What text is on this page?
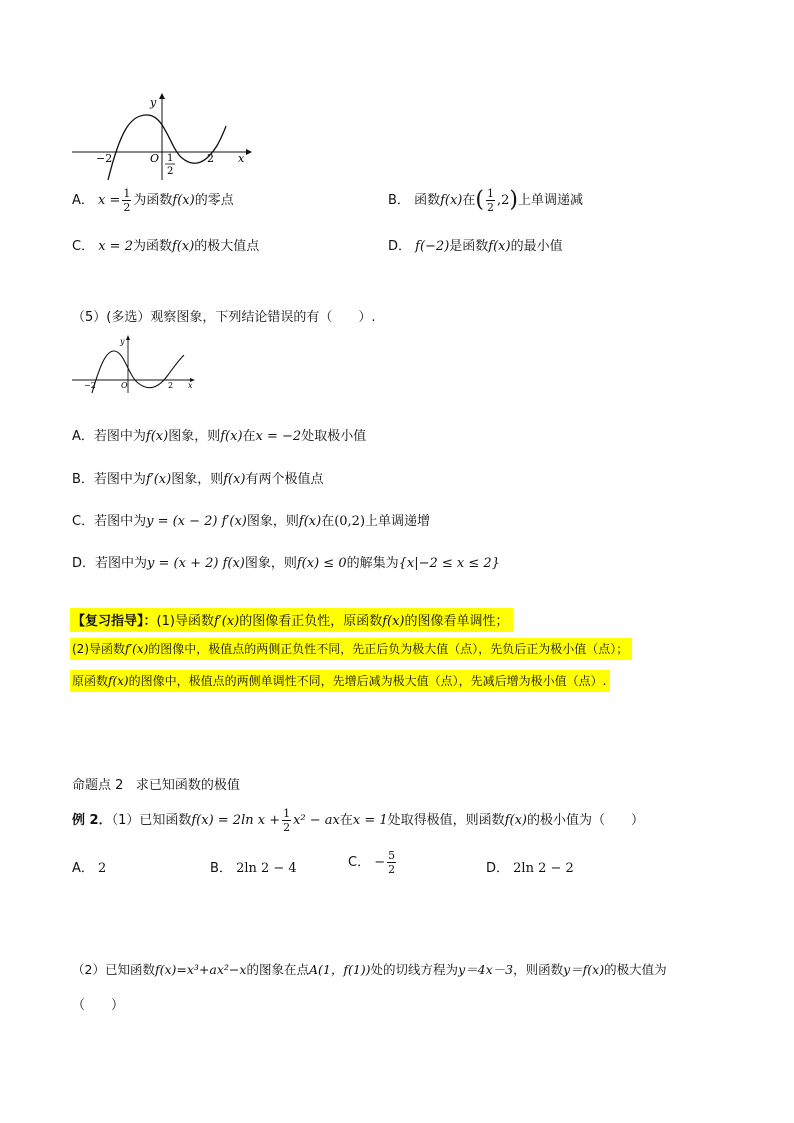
y
x
−2	O 1
2
2
A． $x = \frac{1}{2}$ 为函数f(x)的零点	B． 函数f(x)在( $\frac{1}{2} ,2$)上单调递减
C． x = 2为函数f(x)的极大值点	D． f(−2)是函数f(x)的最小值
（5）(多选）观察图象，下列结论错误的有（　　）.
y
x
−2	O	2
A．若图中为f(x)图象，则f(x)在x = −2处取极小值
B．若图中为f′(x)图象，则f(x)有两个极值点
C．若图中为y = (x − 2) f′(x)图象，则f(x)在(0,2)上单调递增
D．若图中为y = (x + 2) f(x)图象，则f(x) ≤ 0的解集为{x|−2 ≤ x ≤ 2}
【复习指导】：(1)导函数f′(x)的图像看正负性，原函数f(x)的图像看单调性；
(2)导函数f′(x)的图像中，极值点的两侧正负性不同，先正后负为极大值（点），先负后正为极小值（点）；
原函数f(x)的图像中，极值点的两侧单调性不同，先增后减为极大值（点），先减后增为极小值（点）.
命题点 2 求已知函数的极值
例 2．（1）已知函数f(x) = 2ln $x + \frac{1}{2} x^2$ − ax在x = 1处取得极值，则函数f(x)的极小值为（　　）
A． 2	B． 2ln 2 − 4	C． − $\frac{5}{2}$	D． 2ln 2 − 2
（2）已知函数f(x)=x³+ax²−x的图象在点A(1，f(1))处的切线方程为y＝4x－3，则函数y＝f(x)的极大值为
（　　）
